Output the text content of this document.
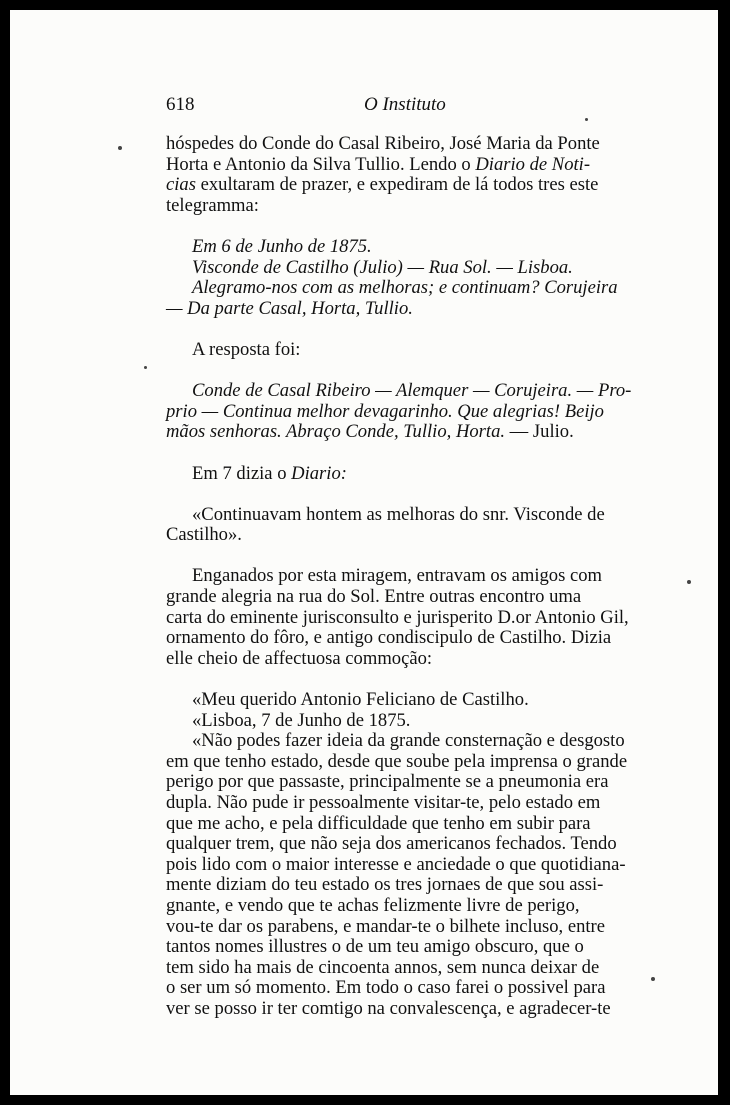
618	O Instituto

hóspedes do Conde do Casal Ribeiro, José Maria da Ponte

Horta e Antonio da Silva Tullio. Lendo o Diario de Noti-

cias exultaram de prazer, e expediram de lá todos tres este

telegramma:

Em 6 de Junho de 1875.

Visconde de Castilho (Julio) — Rua Sol. — Lisboa.

Alegramo-nos com as melhoras; e continuam? Corujeira

— Da parte Casal, Horta, Tullio.

A resposta foi:

Conde de Casal Ribeiro — Alemquer — Corujeira. — Pro-

prio — Continua melhor devagarinho. Que alegrias! Beijo

mãos senhoras. Abraço Conde, Tullio, Horta. — Julio.

Em 7 dizia o Diario:

«Continuavam hontem as melhoras do snr. Visconde de

Castilho».

Enganados por esta miragem, entravam os amigos com

grande alegria na rua do Sol. Entre outras encontro uma

carta do eminente jurisconsulto e jurisperito D.or Antonio Gil,

ornamento do fôro, e antigo condiscipulo de Castilho. Dizia

elle cheio de affectuosa commoção:

«Meu querido Antonio Feliciano de Castilho.

«Lisboa, 7 de Junho de 1875.

«Não podes fazer ideia da grande consternação e desgosto

em que tenho estado, desde que soube pela imprensa o grande

perigo por que passaste, principalmente se a pneumonia era

dupla. Não pude ir pessoalmente visitar-te, pelo estado em

que me acho, e pela difficuldade que tenho em subir para

qualquer trem, que não seja dos americanos fechados. Tendo

pois lido com o maior interesse e anciedade o que quotidiana-

mente diziam do teu estado os tres jornaes de que sou assi-

gnante, e vendo que te achas felizmente livre de perigo,

vou-te dar os parabens, e mandar-te o bilhete incluso, entre

tantos nomes illustres o de um teu amigo obscuro, que o

tem sido ha mais de cincoenta annos, sem nunca deixar de

o ser um só momento. Em todo o caso farei o possivel para

ver se posso ir ter comtigo na convalescença, e agradecer-te
